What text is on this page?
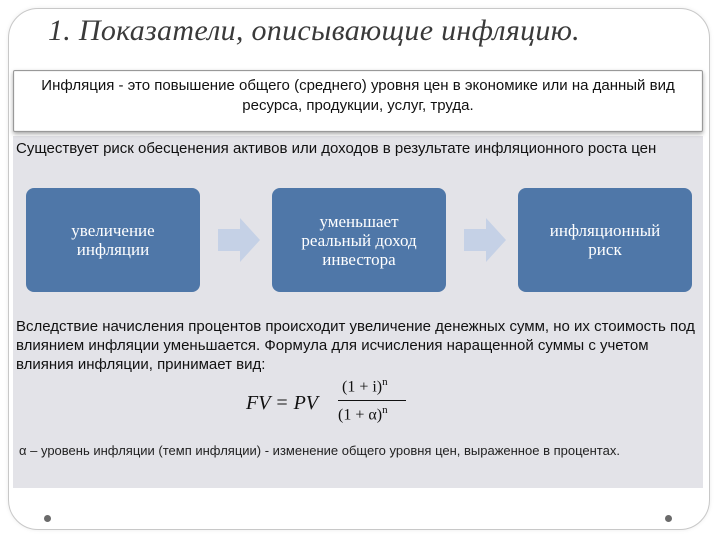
1. Показатели, описывающие инфляцию.
Инфляция - это повышение общего (среднего) уровня цен в экономике или на данный вид ресурса, продукции, услуг, труда.
Существует риск обесценения активов или доходов в результате инфляционного роста цен
увеличение
инфляции
уменьшает
реальный доход
инвестора
инфляционный
риск
Вследствие начисления процентов происходит увеличение денежных сумм, но их стоимость под влиянием инфляции уменьшается. Формула для исчисления наращенной суммы с учетом влияния инфляции, принимает вид:
FV = PV
$(1 + i)^n$
$(1 + \alpha)^n$
α – уровень инфляции (темп инфляции) - изменение общего уровня цен, выраженное в процентах.
